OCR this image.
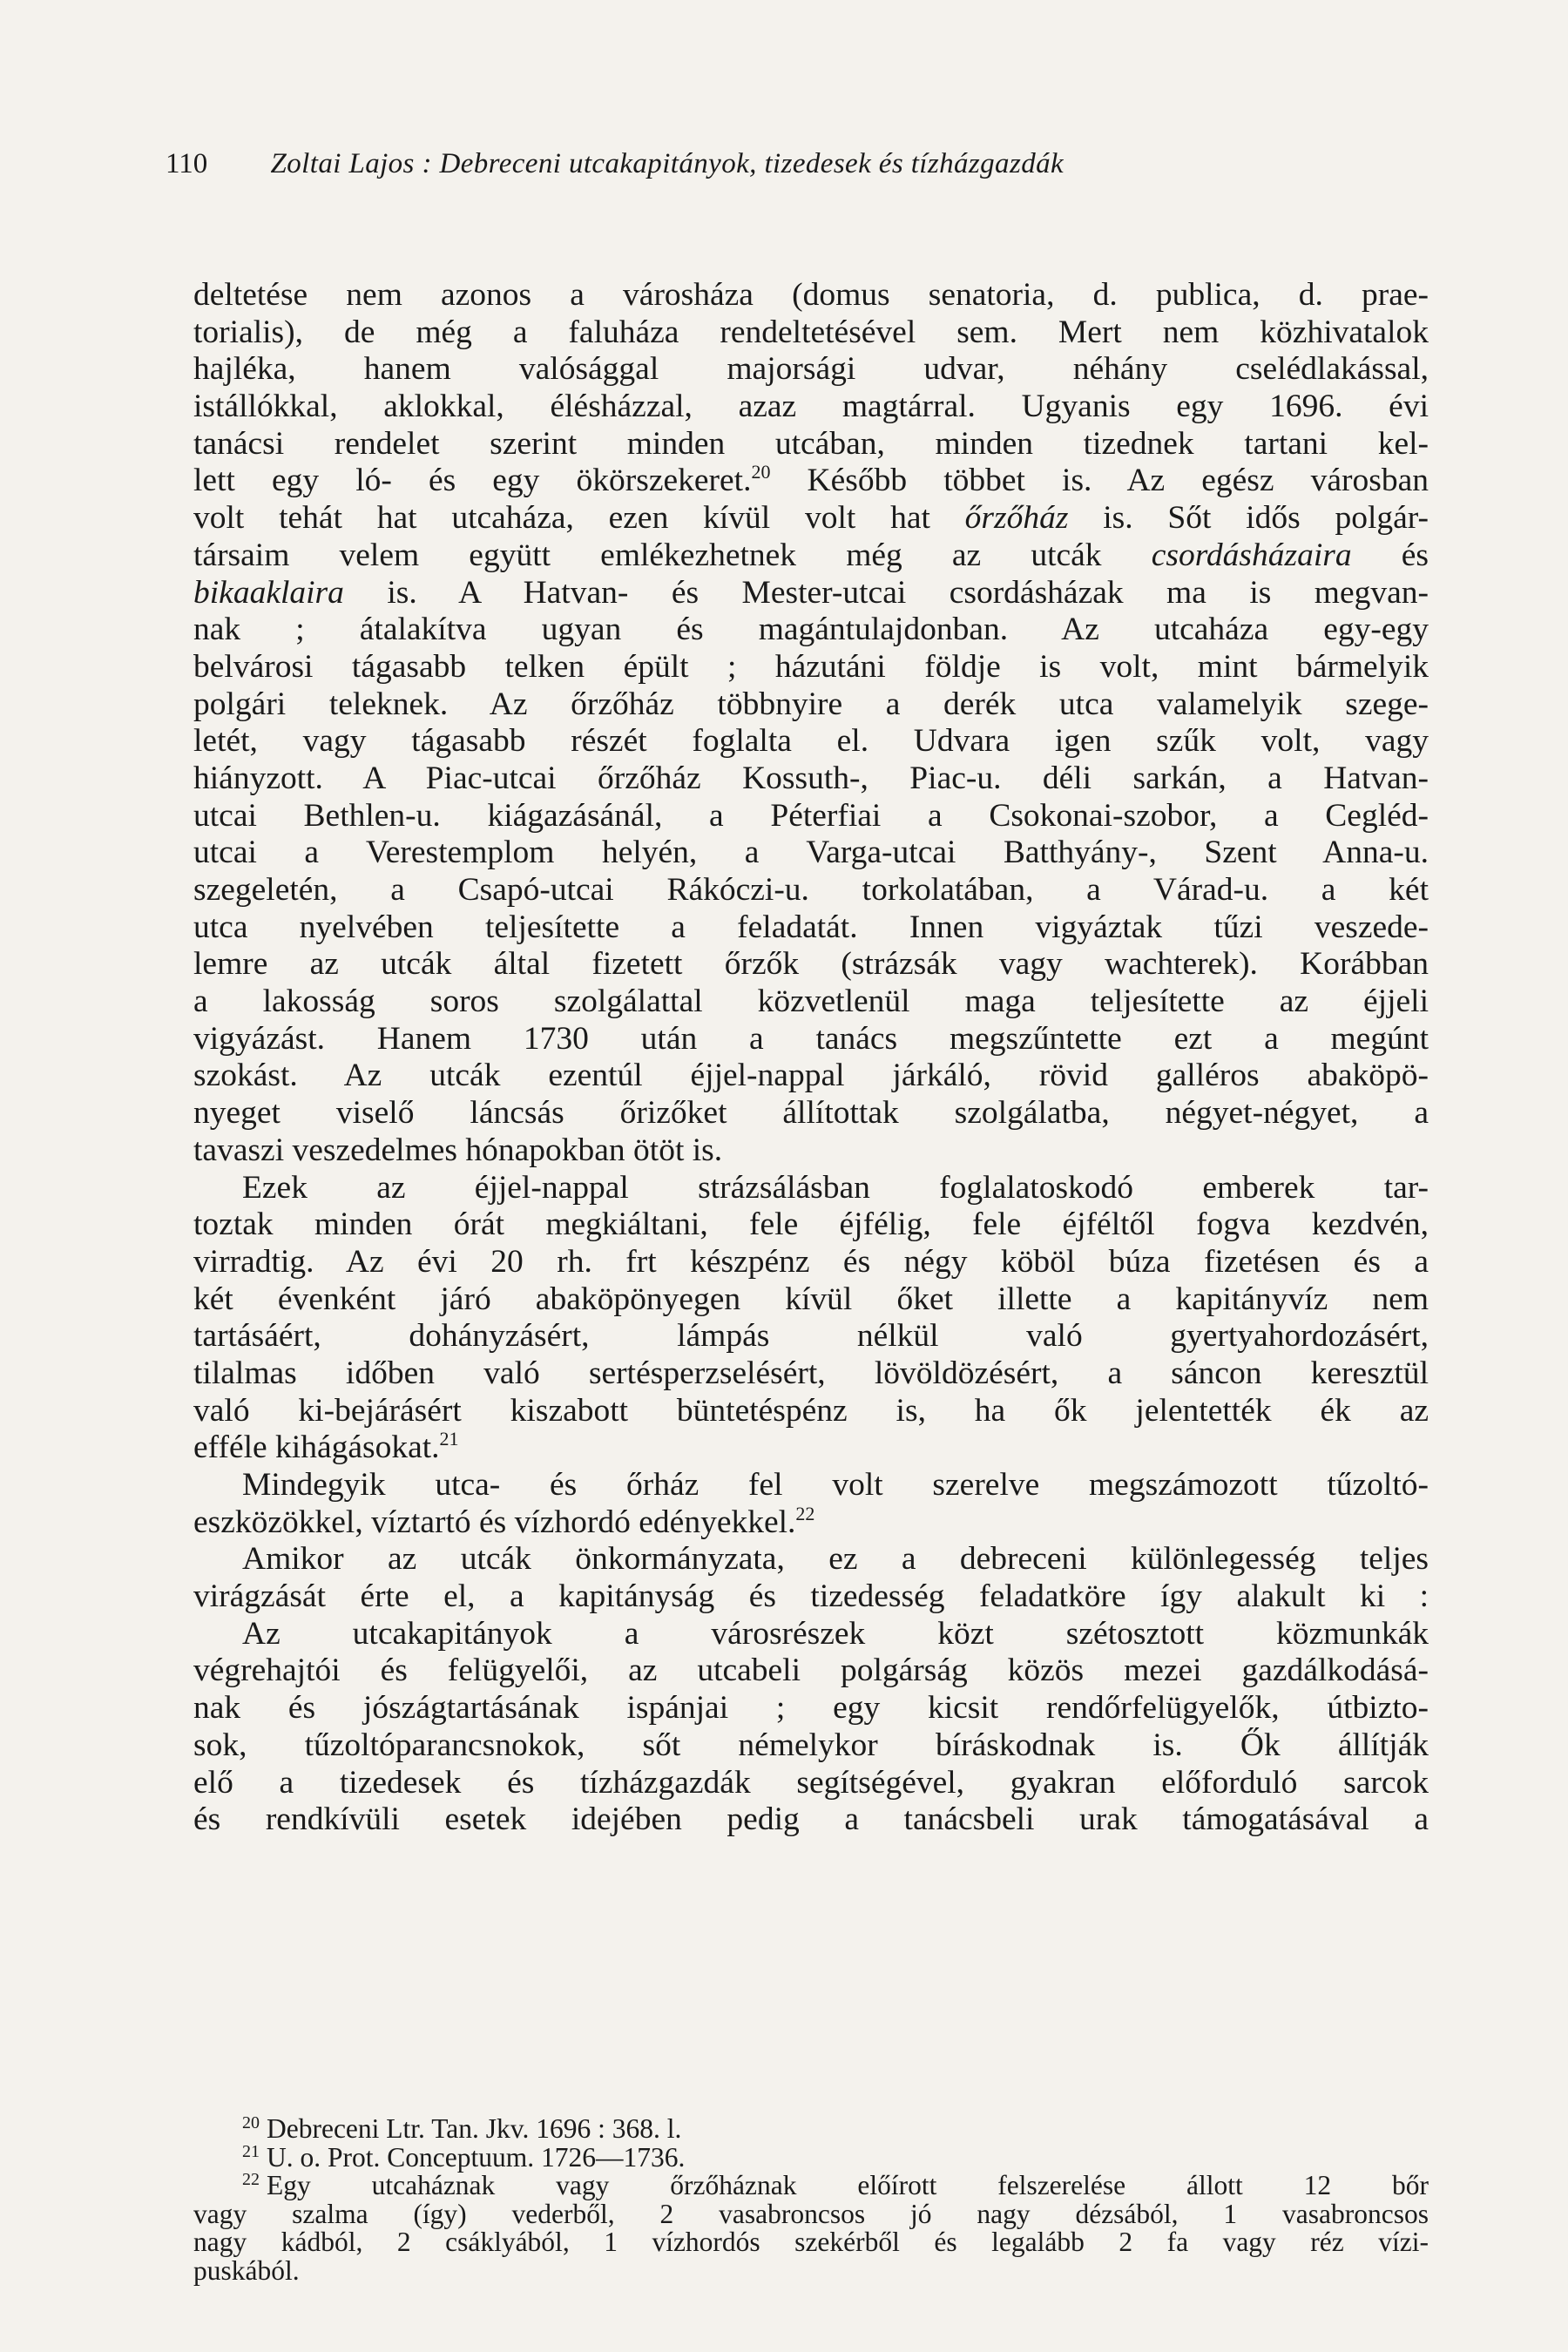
110 Zoltai Lajos : Debreceni utcakapitányok, tizedesek és tízházgazdák
deltetése nem azonos a városháza (domus senatoria, d. publica, d. prae-
torialis), de még a faluháza rendeltetésével sem. Mert nem közhivatalok
hajléka, hanem valósággal majorsági udvar, néhány cselédlakással,
istállókkal, aklokkal, élésházzal, azaz magtárral. Ugyanis egy 1696. évi
tanácsi rendelet szerint minden utcában, minden tizednek tartani kel-
lett egy ló- és egy ökörszekeret.$^{20}$ Később többet is. Az egész városban
volt tehát hat utcaháza, ezen kívül volt hat őrzőház is. Sőt idős polgár-
társaim velem együtt emlékezhetnek még az utcák csordásházaira és
bikaaklaira is. A Hatvan- és Mester-utcai csordásházak ma is megvan-
nak ; átalakítva ugyan és magántulajdonban. Az utcaháza egy-egy
belvárosi tágasabb telken épült ; házutáni földje is volt, mint bármelyik
polgári teleknek. Az őrzőház többnyire a derék utca valamelyik szege-
letét, vagy tágasabb részét foglalta el. Udvara igen szűk volt, vagy
hiányzott. A Piac-utcai őrzőház Kossuth-, Piac-u. déli sarkán, a Hatvan-
utcai Bethlen-u. kiágazásánál, a Péterfiai a Csokonai-szobor, a Cegléd-
utcai a Verestemplom helyén, a Varga-utcai Batthyány-, Szent Anna-u.
szegeletén, a Csapó-utcai Rákóczi-u. torkolatában, a Várad-u. a két
utca nyelvében teljesítette a feladatát. Innen vigyáztak tűzi veszede-
lemre az utcák által fizetett őrzők (strázsák vagy wachterek). Korábban
a lakosság soros szolgálattal közvetlenül maga teljesítette az éjjeli
vigyázást. Hanem 1730 után a tanács megszűntette ezt a megúnt
szokást. Az utcák ezentúl éjjel-nappal járkáló, rövid galléros abaköpö-
nyeget viselő láncsás őrizőket állítottak szolgálatba, négyet-négyet, a
tavaszi veszedelmes hónapokban ötöt is.
Ezek az éjjel-nappal strázsálásban foglalatoskodó emberek tar-
toztak minden órát megkiáltani, fele éjfélig, fele éjféltől fogva kezdvén,
virradtig. Az évi 20 rh. frt készpénz és négy köböl búza fizetésen és a
két évenként járó abaköpönyegen kívül őket illette a kapitányvíz nem
tartásáért, dohányzásért, lámpás nélkül való gyertyahordozásért,
tilalmas időben való sertésperzselésért, lövöldözésért, a sáncon keresztül
való ki-bejárásért kiszabott büntetéspénz is, ha ők jelentették ék az
efféle kihágásokat.$^{21}$
Mindegyik utca- és őrház fel volt szerelve megszámozott tűzoltó-
eszközökkel, víztartó és vízhordó edényekkel.$^{22}$
Amikor az utcák önkormányzata, ez a debreceni különlegesség teljes
virágzását érte el, a kapitányság és tizedesség feladatköre így alakult ki :
Az utcakapitányok a városrészek közt szétosztott közmunkák
végrehajtói és felügyelői, az utcabeli polgárság közös mezei gazdálkodásá-
nak és jószágtartásának ispánjai ; egy kicsit rendőrfelügyelők, útbizto-
sok, tűzoltóparancsnokok, sőt némelykor bíráskodnak is. Ők állítják
elő a tizedesek és tízházgazdák segítségével, gyakran előforduló sarcok
és rendkívüli esetek idejében pedig a tanácsbeli urak támogatásával a
$^{20}$ Debreceni Ltr. Tan. Jkv. 1696 : 368. l.
$^{21}$ U. o. Prot. Conceptuum. 1726—1736.
$^{22}$ Egy utcaháznak vagy őrzőháznak előírott felszerelése állott 12 bőr
vagy szalma (így) vederből, 2 vasabroncsos jó nagy dézsából, 1 vasabroncsos
nagy kádból, 2 csáklyából, 1 vízhordós szekérből és legalább 2 fa vagy réz vízi-
puskából.
